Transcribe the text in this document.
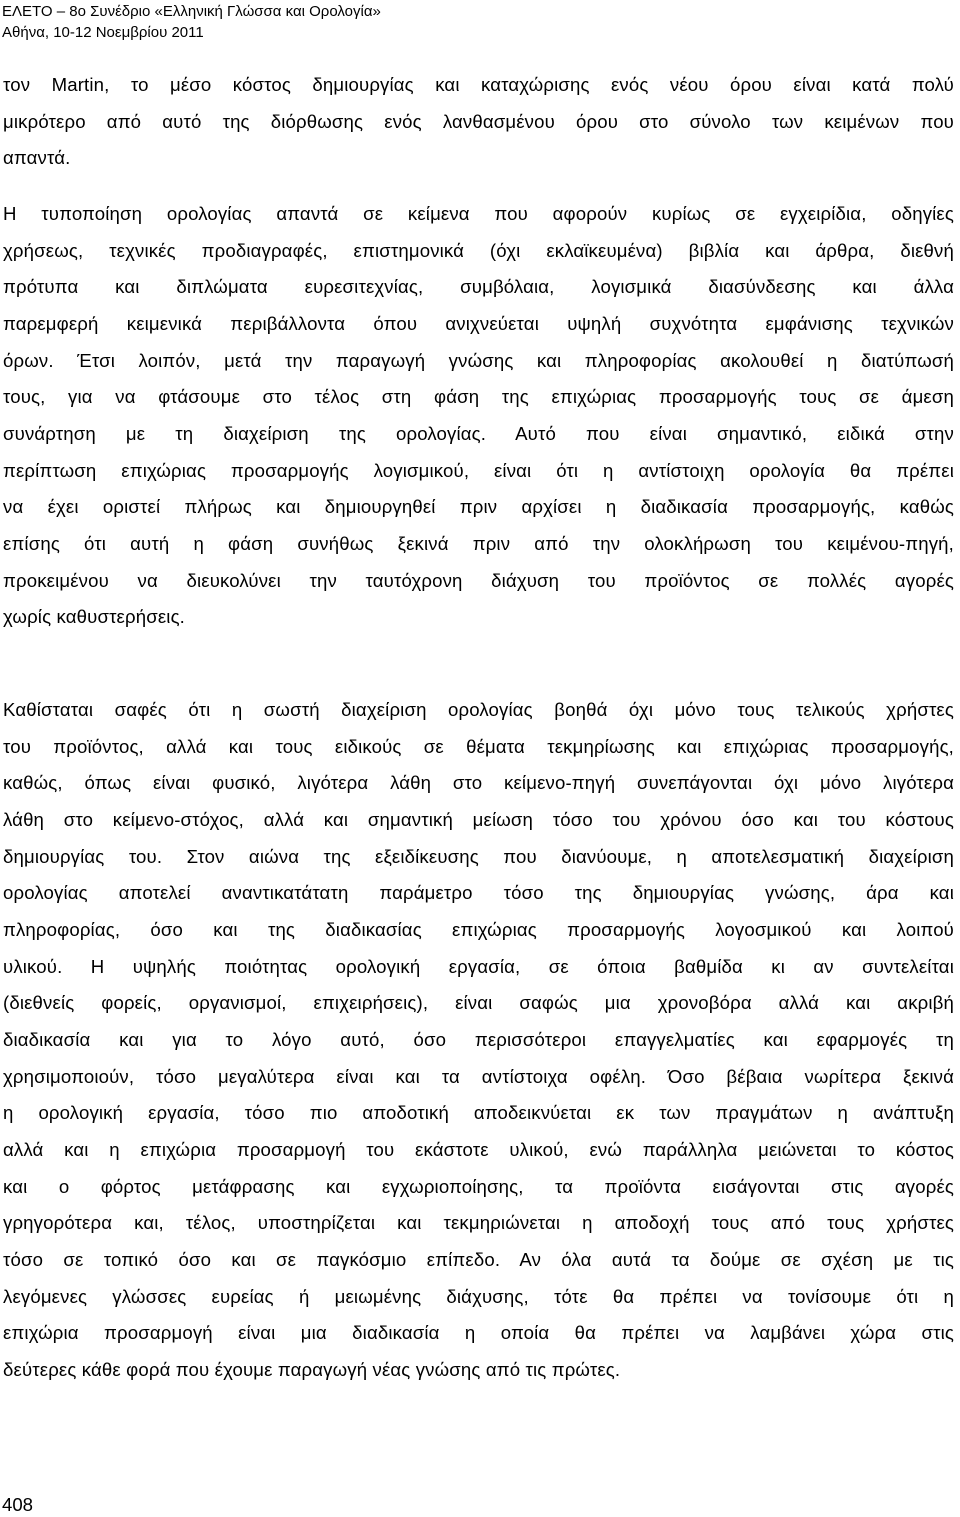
ΕΛΕΤΟ – 8ο Συνέδριο «Ελληνική Γλώσσα και Ορολογία»
Αθήνα, 10-12 Νοεμβρίου 2011
τον Martin, το μέσο κόστος δημιουργίας και καταχώρισης ενός νέου όρου είναι κατά πολύ
μικρότερο από αυτό της διόρθωσης ενός λανθασμένου όρου στο σύνολο των κειμένων που
απαντά.
Η τυποποίηση ορολογίας απαντά σε κείμενα που αφορούν κυρίως σε εγχειρίδια, οδηγίες
χρήσεως, τεχνικές προδιαγραφές, επιστημονικά (όχι εκλαϊκευμένα) βιβλία και άρθρα, διεθνή
πρότυπα και διπλώματα ευρεσιτεχνίας, συμβόλαια, λογισμικά διασύνδεσης και άλλα
παρεμφερή κειμενικά περιβάλλοντα όπου ανιχνεύεται υψηλή συχνότητα εμφάνισης τεχνικών
όρων. Έτσι λοιπόν, μετά την παραγωγή γνώσης και πληροφορίας ακολουθεί η διατύπωσή
τους, για να φτάσουμε στο τέλος στη φάση της επιχώριας προσαρμογής τους σε άμεση
συνάρτηση με τη διαχείριση της ορολογίας. Αυτό που είναι σημαντικό, ειδικά στην
περίπτωση επιχώριας προσαρμογής λογισμικού, είναι ότι η αντίστοιχη ορολογία θα πρέπει
να έχει οριστεί πλήρως και δημιουργηθεί πριν αρχίσει η διαδικασία προσαρμογής, καθώς
επίσης ότι αυτή η φάση συνήθως ξεκινά πριν από την ολοκλήρωση του κειμένου-πηγή,
προκειμένου να διευκολύνει την ταυτόχρονη διάχυση του προϊόντος σε πολλές αγορές
χωρίς καθυστερήσεις.
Καθίσταται σαφές ότι η σωστή διαχείριση ορολογίας βοηθά όχι μόνο τους τελικούς χρήστες
του προϊόντος, αλλά και τους ειδικούς σε θέματα τεκμηρίωσης και επιχώριας προσαρμογής,
καθώς, όπως είναι φυσικό, λιγότερα λάθη στο κείμενο-πηγή συνεπάγονται όχι μόνο λιγότερα
λάθη στο κείμενο-στόχος, αλλά και σημαντική μείωση τόσο του χρόνου όσο και του κόστους
δημιουργίας του. Στον αιώνα της εξειδίκευσης που διανύουμε, η αποτελεσματική διαχείριση
ορολογίας αποτελεί αναντικατάτατη παράμετρο τόσο της δημιουργίας γνώσης, άρα και
πληροφορίας, όσο και της διαδικασίας επιχώριας προσαρμογής λογοσμικού και λοιπού
υλικού. Η υψηλής ποιότητας ορολογική εργασία, σε όποια βαθμίδα κι αν συντελείται
(διεθνείς φορείς, οργανισμοί, επιχειρήσεις), είναι σαφώς μια χρονοβόρα αλλά και ακριβή
διαδικασία και για το λόγο αυτό, όσο περισσότεροι επαγγελματίες και εφαρμογές τη
χρησιμοποιούν, τόσο μεγαλύτερα είναι και τα αντίστοιχα οφέλη. Όσο βέβαια νωρίτερα ξεκινά
η ορολογική εργασία, τόσο πιο αποδοτική αποδεικνύεται εκ των πραγμάτων η ανάπτυξη
αλλά και η επιχώρια προσαρμογή του εκάστοτε υλικού, ενώ παράλληλα μειώνεται το κόστος
και ο φόρτος μετάφρασης και εγχωριοποίησης, τα προϊόντα εισάγονται στις αγορές
γρηγορότερα και, τέλος, υποστηρίζεται και τεκμηριώνεται η αποδοχή τους από τους χρήστες
τόσο σε τοπικό όσο και σε παγκόσμιο επίπεδο. Αν όλα αυτά τα δούμε σε σχέση με τις
λεγόμενες γλώσσες ευρείας ή μειωμένης διάχυσης, τότε θα πρέπει να τονίσουμε ότι η
επιχώρια προσαρμογή είναι μια διαδικασία η οποία θα πρέπει να λαμβάνει χώρα στις
δεύτερες κάθε φορά που έχουμε παραγωγή νέας γνώσης από τις πρώτες.
408
